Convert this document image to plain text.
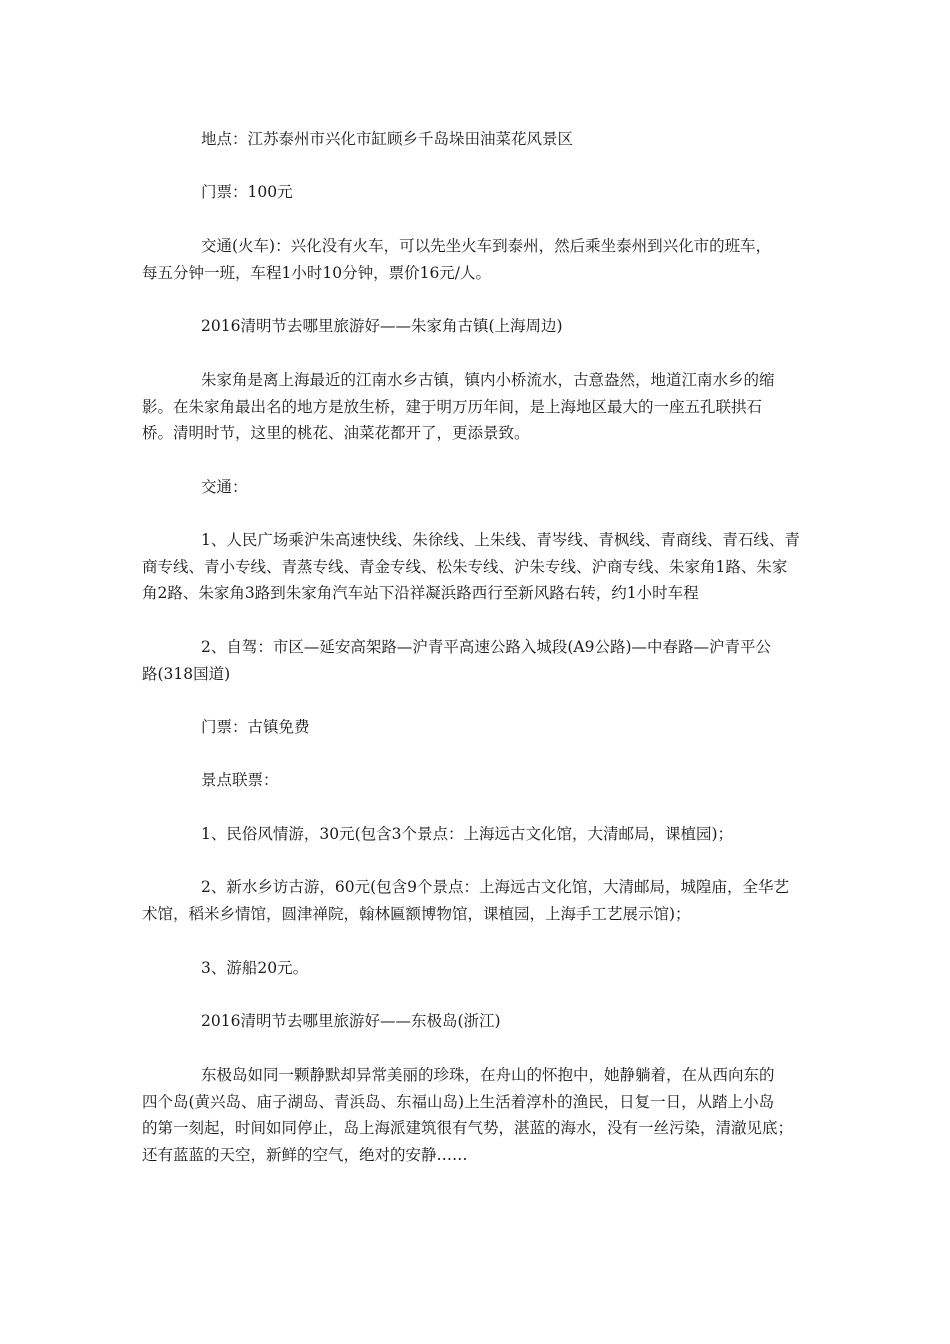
地点：江苏泰州市兴化市缸顾乡千岛垛田油菜花风景区

门票：100元

交通(火车)：兴化没有火车，可以先坐火车到泰州，然后乘坐泰州到兴化市的班车，
每五分钟一班，车程1小时10分钟，票价16元/人。

2016清明节去哪里旅游好——朱家角古镇(上海周边)

朱家角是离上海最近的江南水乡古镇，镇内小桥流水，古意盎然，地道江南水乡的缩
影。在朱家角最出名的地方是放生桥，建于明万历年间，是上海地区最大的一座五孔联拱石
桥。清明时节，这里的桃花、油菜花都开了，更添景致。

交通：

1、人民广场乘沪朱高速快线、朱徐线、上朱线、青岑线、青枫线、青商线、青石线、青
商专线、青小专线、青蒸专线、青金专线、松朱专线、沪朱专线、沪商专线、朱家角1路、朱家
角2路、朱家角3路到朱家角汽车站下沿祥凝浜路西行至新风路右转，约1小时车程

2、自驾：市区—延安高架路—沪青平高速公路入城段(A9公路)—中春路—沪青平公
路(318国道)

门票：古镇免费

景点联票：

1、民俗风情游，30元(包含3个景点：上海远古文化馆，大清邮局，课植园)；

2、新水乡访古游，60元(包含9个景点：上海远古文化馆，大清邮局，城隍庙，全华艺
术馆，稻米乡情馆，圆津禅院，翰林匾额博物馆，课植园，上海手工艺展示馆)；

3、游船20元。

2016清明节去哪里旅游好——东极岛(浙江)

东极岛如同一颗静默却异常美丽的珍珠，在舟山的怀抱中，她静躺着，在从西向东的
四个岛(黄兴岛、庙子湖岛、青浜岛、东福山岛)上生活着淳朴的渔民，日复一日，从踏上小岛
的第一刻起，时间如同停止，岛上海派建筑很有气势，湛蓝的海水，没有一丝污染，清澈见底；
还有蓝蓝的天空，新鲜的空气，绝对的安静……
